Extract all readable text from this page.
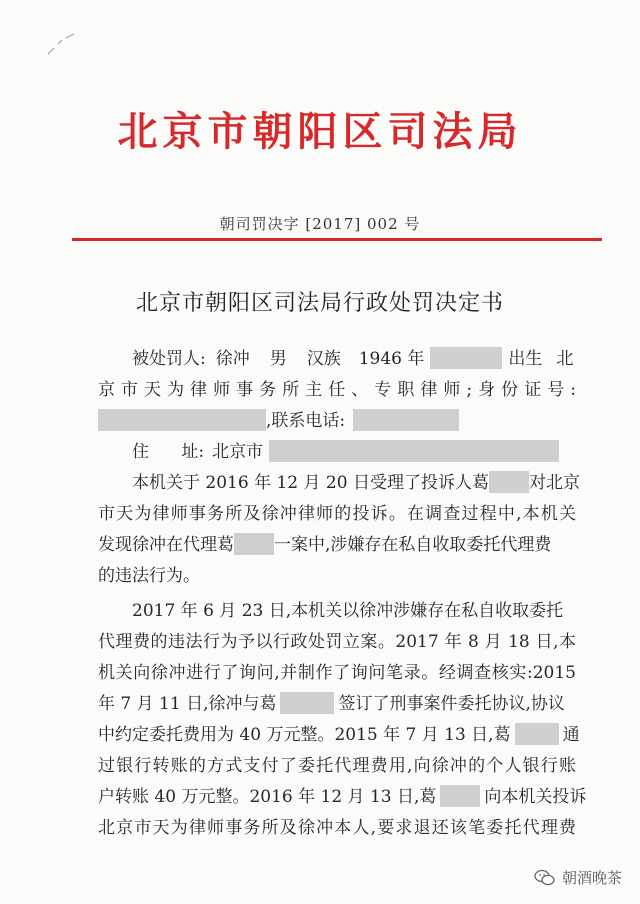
北京市朝阳区司法局
朝司罚决字 [2017] 002 号
北京市朝阳区司法局行政处罚决定书
被处罚人: 徐冲 男 汉族 1946 年	出生 北
京市天为律师事务所主任、专职律师;身份证号:
,联系电话:
住      址: 北京市
本机关于 2016 年 12 月 20 日受理了投诉人葛 对北京
市天为律师事务所及徐冲律师的投诉。在调查过程中,本机关
发现徐冲在代理葛 一案中,涉嫌存在私自收取委托代理费
的违法行为。
2017 年 6 月 23 日,本机关以徐冲涉嫌存在私自收取委托
代理费的违法行为予以行政处罚立案。2017 年 8 月 18 日,本
机关向徐冲进行了询问,并制作了询问笔录。经调查核实:2015
年 7 月 11 日,徐冲与葛	签订了刑事案件委托协议,协议
中约定委托费用为 40 万元整。2015 年 7 月 13 日,葛	通
过银行转账的方式支付了委托代理费用,向徐冲的个人银行账
户转账 40 万元整。2016 年 12 月 13 日,葛	向本机关投诉
北京市天为律师事务所及徐冲本人,要求退还该笔委托代理费
朝酒晚茶
